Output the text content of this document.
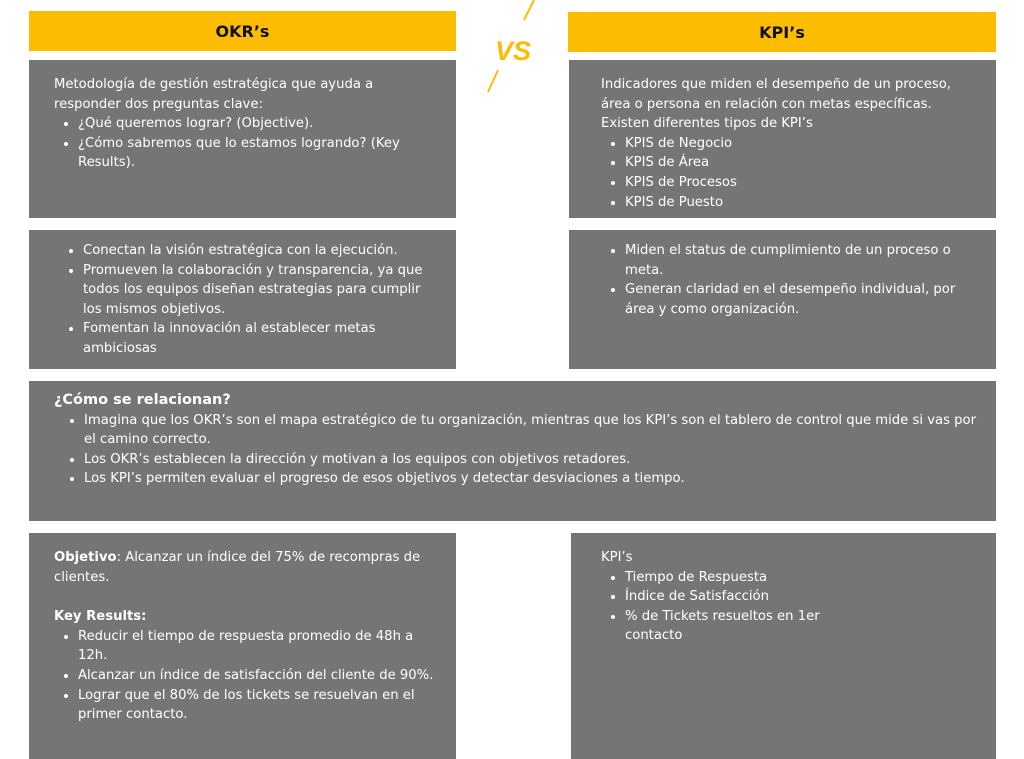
OKR’s	KPI’s
VS

Metodología de gestión estratégica que ayuda a responder dos preguntas clave:

• ¿Qué queremos lograr? (Objective).
• ¿Cómo sabremos que lo estamos logrando? (Key Results).

Indicadores que miden el desempeño de un proceso, área o persona en relación con metas específicas. Existen diferentes tipos de KPI’s

• KPIS de Negocio
• KPIS de Área
• KPIS de Procesos
• KPIS de Puesto
• Conectan la visión estratégica con la ejecución.
• Promueven la colaboración y transparencia, ya que todos los equipos diseñan estrategias para cumplir los mismos objetivos.
• Fomentan la innovación al establecer metas ambiciosas
• Miden el status de cumplimiento de un proceso o meta.
• Generan claridad en el desempeño individual, por área y como organización.

¿Cómo se relacionan?

• Imagina que los OKR’s son el mapa estratégico de tu organización, mientras que los KPI’s son el tablero de control que mide si vas por el camino correcto.
• Los OKR’s establecen la dirección y motivan a los equipos con objetivos retadores.
• Los KPI’s permiten evaluar el progreso de esos objetivos y detectar desviaciones a tiempo.

Objetivo: Alcanzar un índice del 75% de recompras de clientes.

Key Results:

• Reducir el tiempo de respuesta promedio de 48h a 12h.
• Alcanzar un índice de satisfacción del cliente de 90%.
• Lograr que el 80% de los tickets se resuelvan en el primer contacto.

KPI’s

• Tiempo de Respuesta
• Índice de Satisfacción
• % de Tickets resueltos en 1er contacto
